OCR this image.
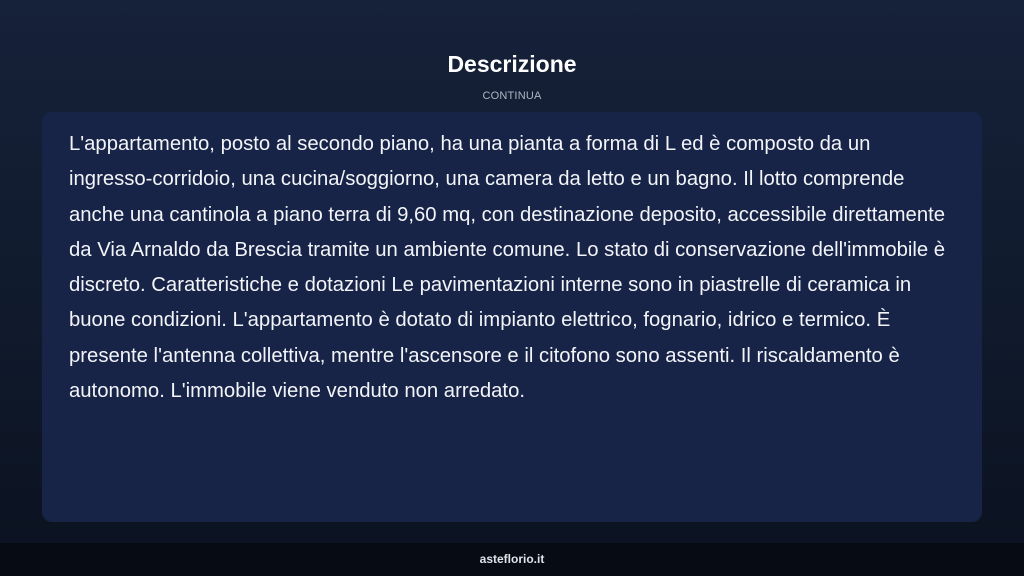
Descrizione
CONTINUA

L'appartamento, posto al secondo piano, ha una pianta a forma di L ed è composto da un ingresso-corridoio, una cucina/soggiorno, una camera da letto e un bagno. Il lotto comprende anche una cantinola a piano terra di 9,60 mq, con destinazione deposito, accessibile direttamente da Via Arnaldo da Brescia tramite un ambiente comune. Lo stato di conservazione dell'immobile è discreto. Caratteristiche e dotazioni Le pavimentazioni interne sono in piastrelle di ceramica in buone condizioni. L'appartamento è dotato di impianto elettrico, fognario, idrico e termico. È presente l'antenna collettiva, mentre l'ascensore e il citofono sono assenti. Il riscaldamento è autonomo. L'immobile viene venduto non arredato.

asteflorio.it
